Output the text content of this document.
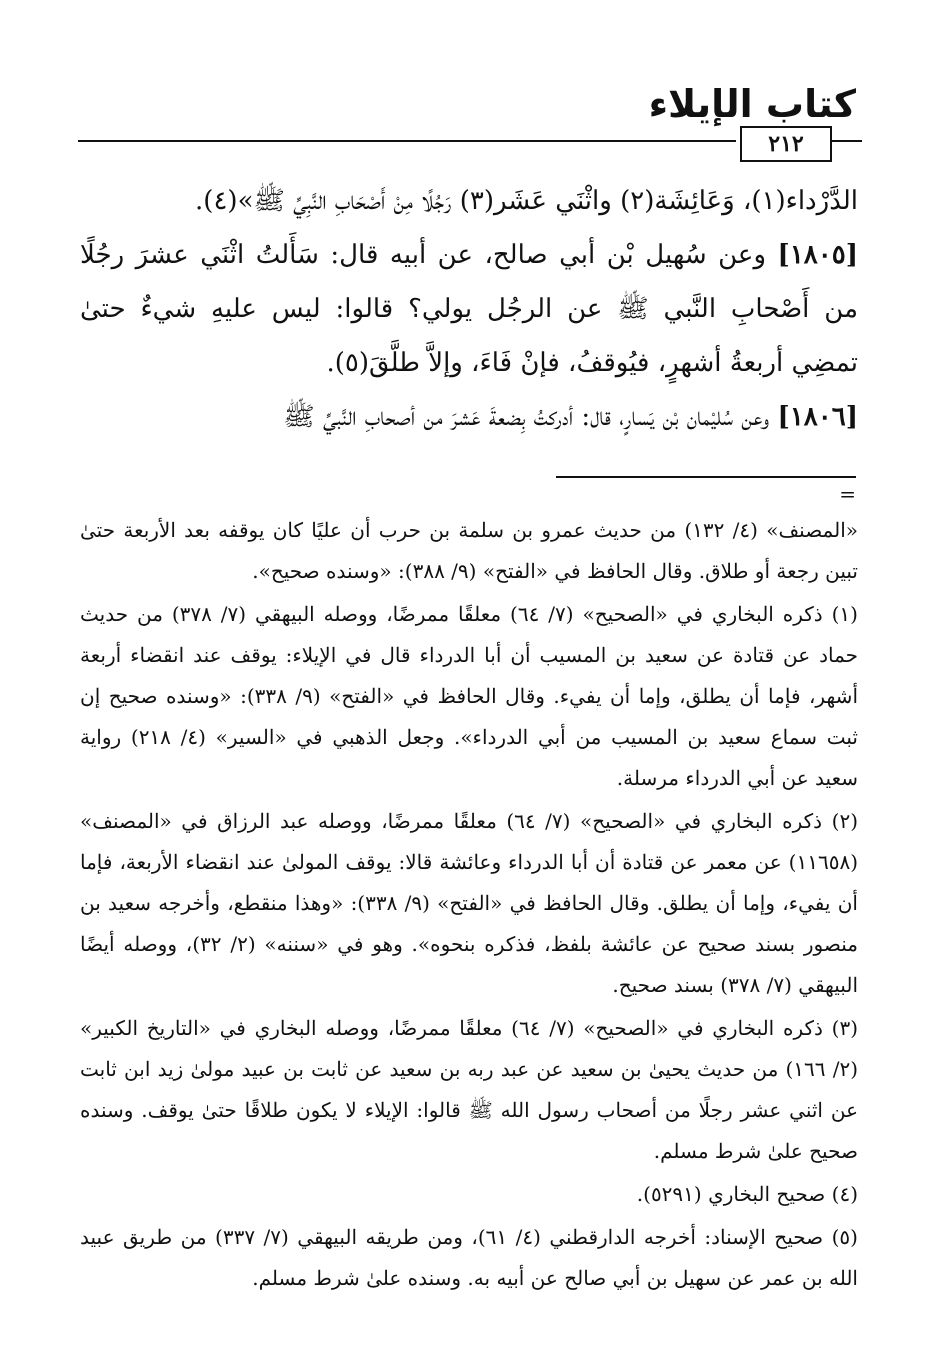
كتاب الإيلاء
٢١٢
الدَّرْداء(١)، وَعَائِشَة(٢) واثْنَي عَشَر(٣) رَجُلًا مِنْ أَصْحَابِ النَّبِيِّ ﷺ»(٤).
[١٨٠٥] وعن سُهيل بْن أبي صالح، عن أبيه قال: سَأَلتُ اثْنَي عشرَ رجُلًا من أَصْحابِ النَّبي ﷺ عن الرجُل يولي؟ قالوا: ليس عليهِ شيءٌ حتىٰ تمضِي أربعةُ أشهرٍ، فيُوقفُ، فإنْ فَاءَ، وإلاَّ طلَّقَ(٥).
[١٨٠٦] وعن سُليْمان بْن يَسارٍ، قال: أدركتُ بِضعةَ عَشرَ من أصحابِ النَّبيِّ ﷺ
=

«المصنف» (٤/ ١٣٢) من حديث عمرو بن سلمة بن حرب أن عليًا كان يوقفه بعد الأربعة حتىٰ تبين رجعة أو طلاق. وقال الحافظ في «الفتح» (٩/ ٣٨٨): «وسنده صحيح».

(١) ذكره البخاري في «الصحيح» (٧/ ٦٤) معلقًا ممرضًا، ووصله البيهقي (٧/ ٣٧٨) من حديث حماد عن قتادة عن سعيد بن المسيب أن أبا الدرداء قال في الإيلاء: يوقف عند انقضاء أربعة أشهر، فإما أن يطلق، وإما أن يفيء. وقال الحافظ في «الفتح» (٩/ ٣٣٨): «وسنده صحيح إن ثبت سماع سعيد بن المسيب من أبي الدرداء». وجعل الذهبي في «السير» (٤/ ٢١٨) رواية سعيد عن أبي الدرداء مرسلة.

(٢) ذكره البخاري في «الصحيح» (٧/ ٦٤) معلقًا ممرضًا، ووصله عبد الرزاق في «المصنف» (١١٦٥٨) عن معمر عن قتادة أن أبا الدرداء وعائشة قالا: يوقف المولىٰ عند انقضاء الأربعة، فإما أن يفيء، وإما أن يطلق. وقال الحافظ في «الفتح» (٩/ ٣٣٨): «وهذا منقطع، وأخرجه سعيد بن منصور بسند صحيح عن عائشة بلفظ، فذكره بنحوه». وهو في «سننه» (٢/ ٣٢)، ووصله أيضًا البيهقي (٧/ ٣٧٨) بسند صحيح.

(٣) ذكره البخاري في «الصحيح» (٧/ ٦٤) معلقًا ممرضًا، ووصله البخاري في «التاريخ الكبير» (٢/ ١٦٦) من حديث يحيىٰ بن سعيد عن عبد ربه بن سعيد عن ثابت بن عبيد مولىٰ زيد ابن ثابت عن اثني عشر رجلًا من أصحاب رسول الله ﷺ قالوا: الإيلاء لا يكون طلاقًا حتىٰ يوقف. وسنده صحيح علىٰ شرط مسلم.

(٤) صحيح البخاري (٥٢٩١).

(٥) صحيح الإسناد: أخرجه الدارقطني (٤/ ٦١)، ومن طريقه البيهقي (٧/ ٣٣٧) من طريق عبيد الله بن عمر عن سهيل بن أبي صالح عن أبيه به. وسنده علىٰ شرط مسلم.
